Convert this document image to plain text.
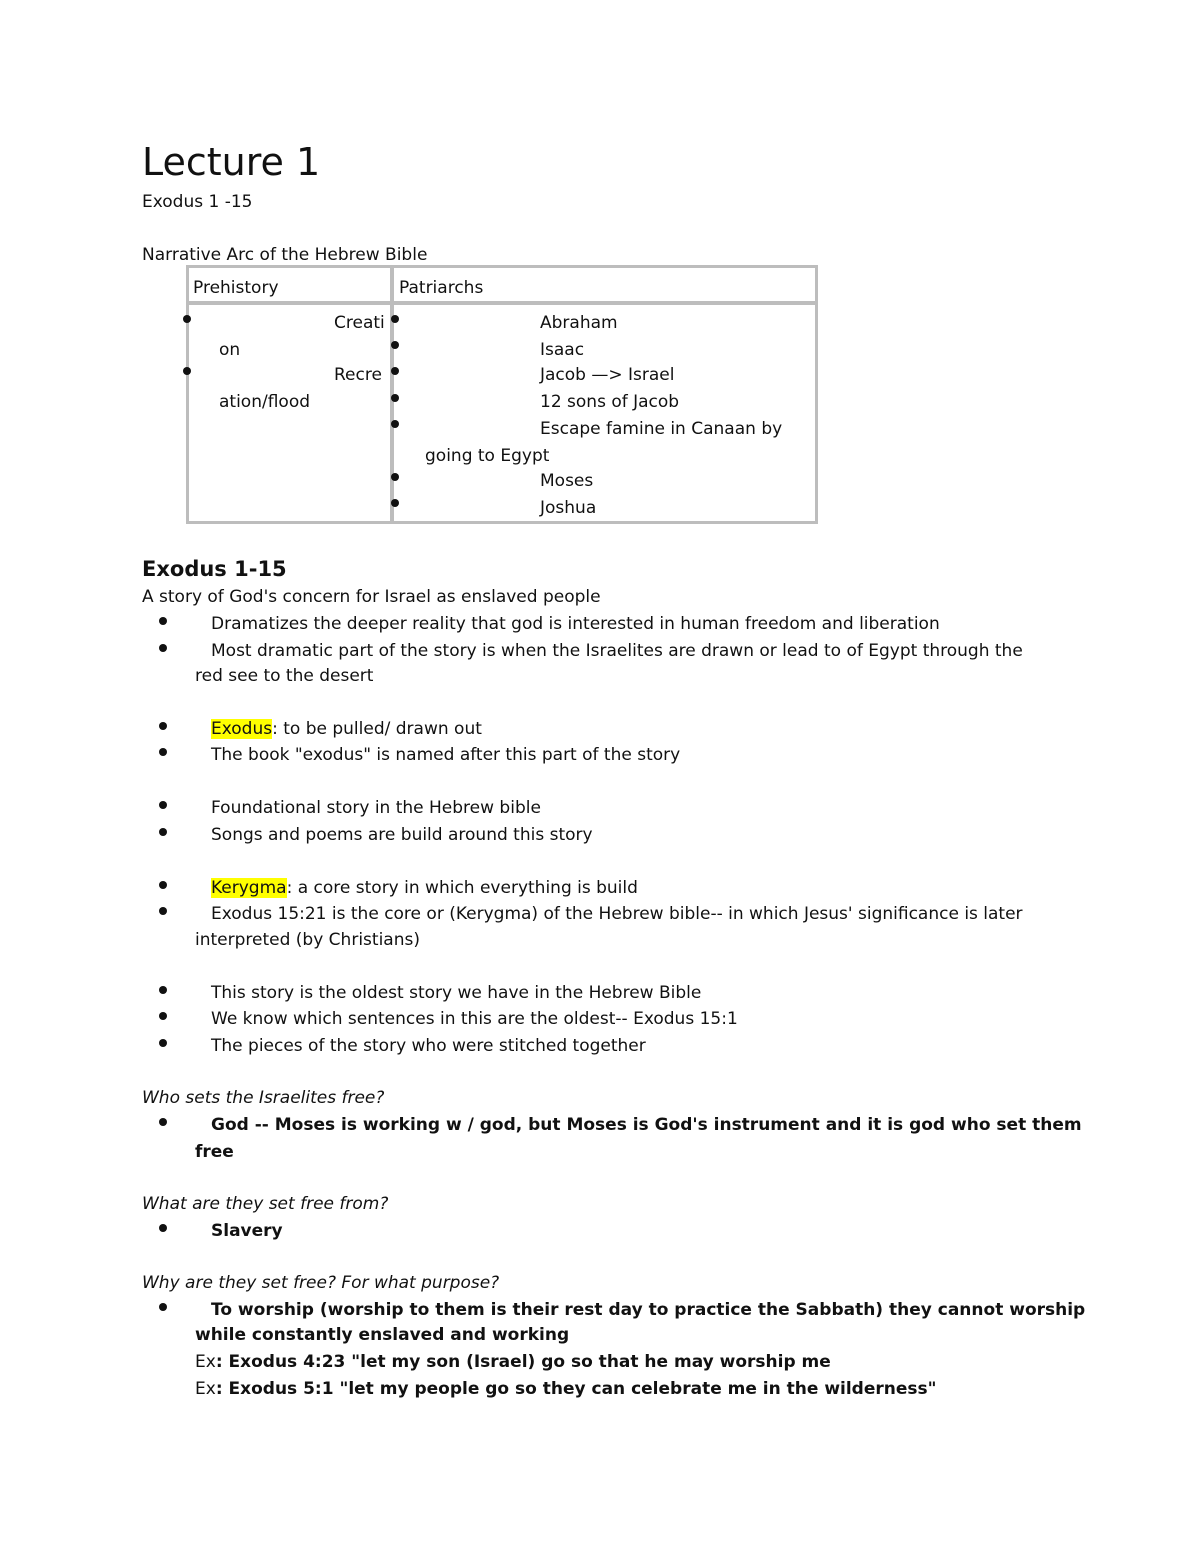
Lecture 1
Exodus 1 -15
Narrative Arc of the Hebrew Bible
Prehistory	Patriarchs
Creati
on
Recre
ation/flood
Abraham
Isaac
Jacob —> Israel
12 sons of Jacob
Escape famine in Canaan by
going to Egypt
Moses
Joshua
Exodus 1-15
A story of God's concern for Israel as enslaved people
Dramatizes the deeper reality that god is interested in human freedom and liberation
Most dramatic part of the story is when the Israelites are drawn or lead to of Egypt through the
red see to the desert
Exodus: to be pulled/ drawn out
The book "exodus" is named after this part of the story
Foundational story in the Hebrew bible
Songs and poems are build around this story
Kerygma: a core story in which everything is build
Exodus 15:21 is the core or (Kerygma) of the Hebrew bible-- in which Jesus' significance is later
interpreted (by Christians)
This story is the oldest story we have in the Hebrew Bible
We know which sentences in this are the oldest-- Exodus 15:1
The pieces of the story who were stitched together
Who sets the Israelites free?
God -- Moses is working w / god, but Moses is God's instrument and it is god who set them
free
What are they set free from?
Slavery
Why are they set free? For what purpose?
To worship (worship to them is their rest day to practice the Sabbath) they cannot worship
while constantly enslaved and working
Ex: Exodus 4:23 "let my son (Israel) go so that he may worship me
Ex: Exodus 5:1 "let my people go so they can celebrate me in the wilderness"
